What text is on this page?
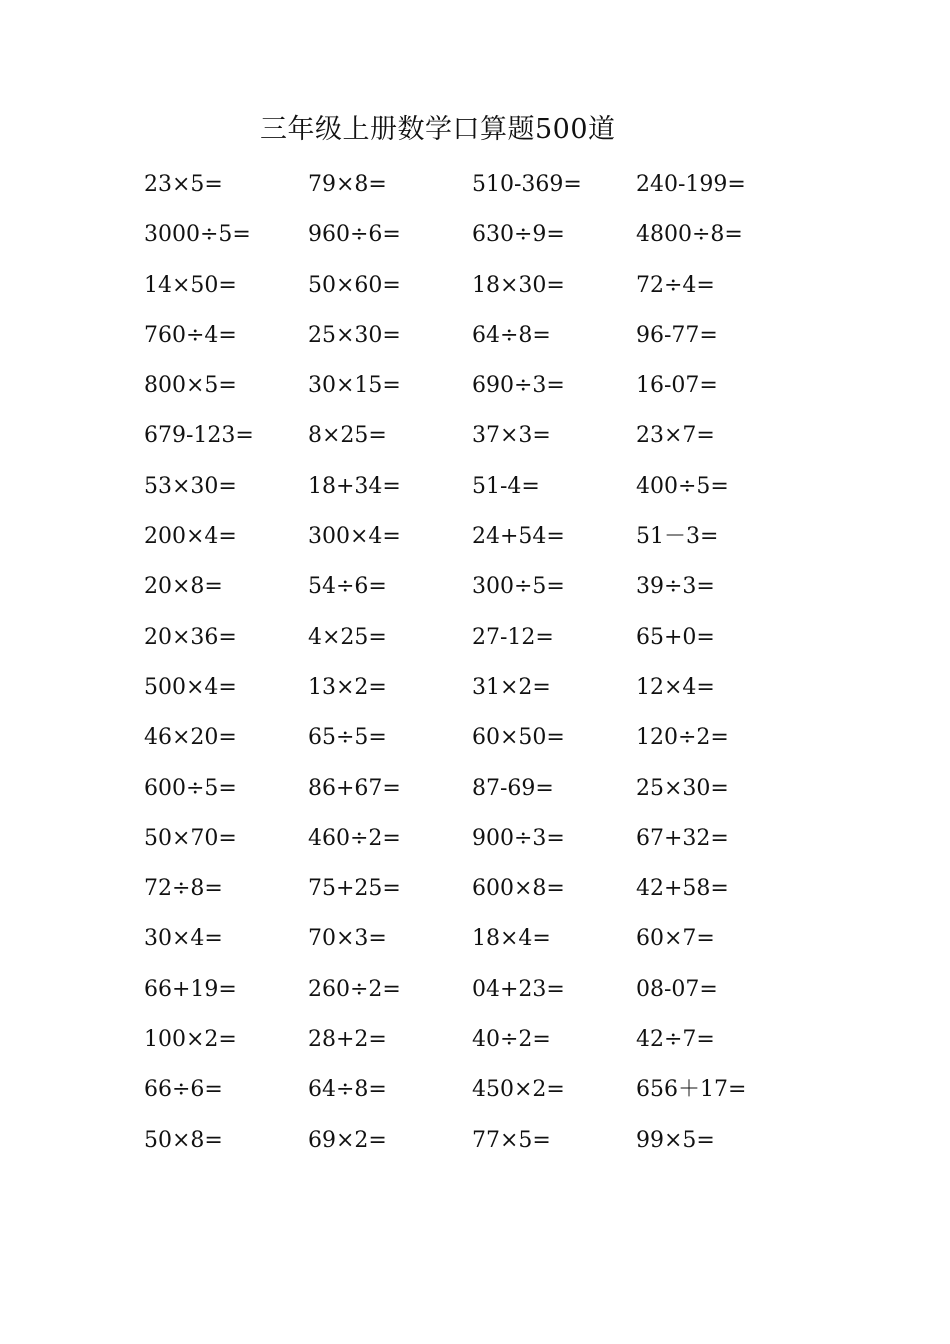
三年级上册数学口算题500道
23×5=	79×8=	510-369= 240-199=
3000÷5=	960÷6=	630÷9=	4800÷8=
14×50=	50×60=	18×30=	72÷4=
760÷4=	25×30=	64÷8=	96-77=
800×5=	30×15=	690÷3=	16-07=
679-123= 8×25=	37×3=	23×7=
53×30=	18+34=	51-4=	400÷5=
200×4=	300×4=	24+54=	51－3=
20×8=	54÷6=	300÷5=	39÷3=
20×36=	4×25=	27-12=	65+0=
500×4=	13×2=	31×2=	12×4=
46×20=	65÷5=	60×50=	120÷2=
600÷5=	86+67=	87-69=	25×30=
50×70=	460÷2=	900÷3=	67+32=
72÷8=	75+25=	600×8=	42+58=
30×4=	70×3=	18×4=	60×7=
66+19=	260÷2=	04+23=	08-07=
100×2=	28+2=	40÷2=	42÷7=
66÷6=	64÷8=	450×2=	656＋17=
50×8=	69×2=	77×5=	99×5=
